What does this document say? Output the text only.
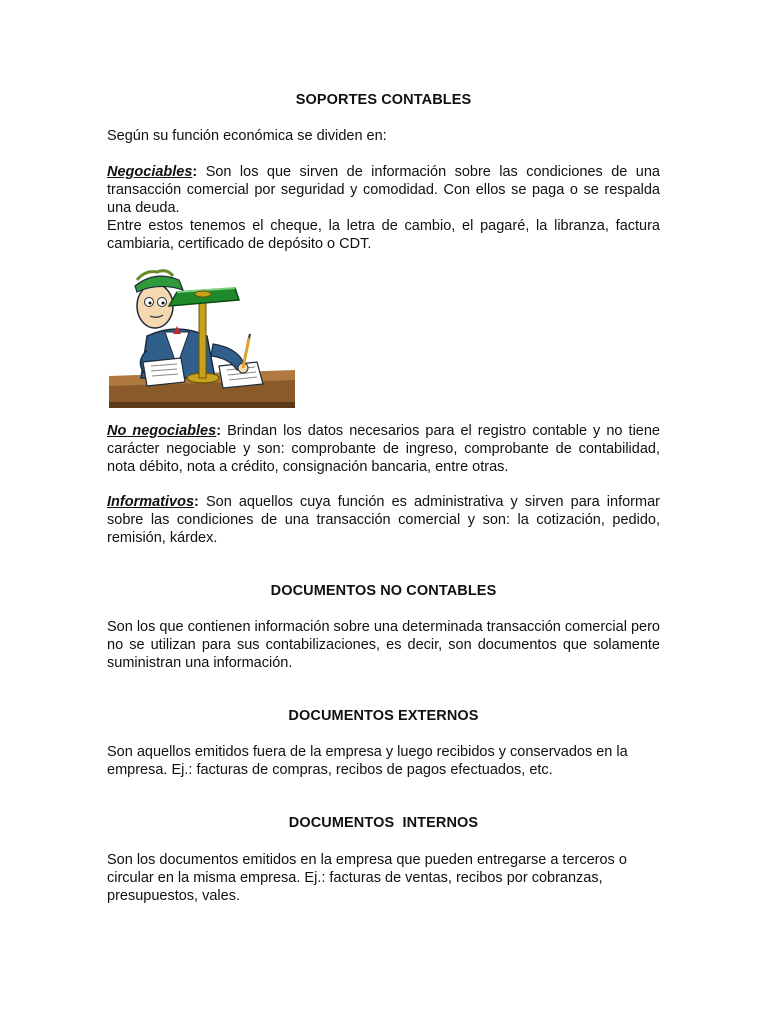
SOPORTES CONTABLES
Según su función económica se dividen en:
Negociables: Son los que sirven de información sobre las condiciones de una transacción comercial por seguridad y comodidad. Con ellos se paga o se respalda una deuda.
Entre estos tenemos el cheque, la letra de cambio, el pagaré, la libranza, factura cambiaria, certificado de depósito o CDT.
No negociables: Brindan los datos necesarios para el registro contable y no tiene carácter negociable y son: comprobante de ingreso, comprobante de contabilidad, nota débito, nota a crédito, consignación bancaria, entre otras.
Informativos: Son aquellos cuya función es administrativa y sirven para informar sobre las condiciones de una transacción comercial y son: la cotización, pedido, remisión, kárdex.
DOCUMENTOS NO CONTABLES
Son los que contienen información sobre una determinada transacción comercial pero no se utilizan para sus contabilizaciones, es decir, son documentos que solamente suministran una información.
DOCUMENTOS EXTERNOS
Son aquellos emitidos fuera de la empresa y luego recibidos y conservados en la empresa. Ej.: facturas de compras, recibos de pagos efectuados, etc.
DOCUMENTOS  INTERNOS
Son los documentos emitidos en la empresa que pueden entregarse a terceros o circular en la misma empresa. Ej.: facturas de ventas, recibos por cobranzas, presupuestos, vales.
